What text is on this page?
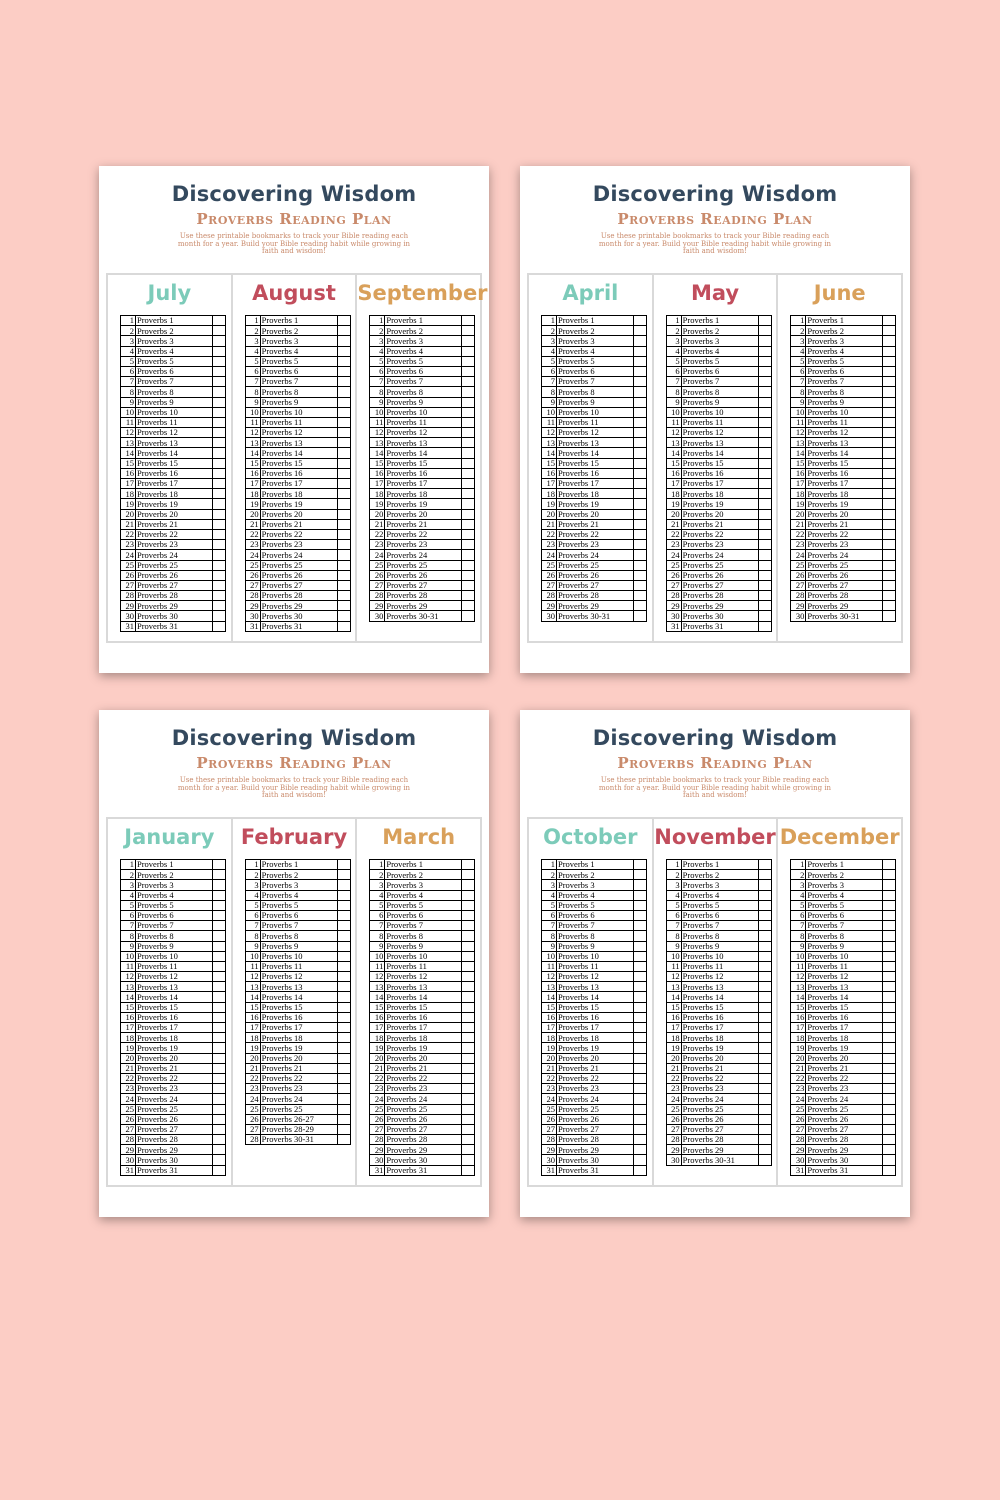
Discovering Wisdom
Proverbs Reading Plan
Use these printable bookmarks to track your Bible reading each month for a year. Build your Bible reading habit while growing in faith and wisdom!
July
1	Proverbs 1	
2	Proverbs 2	
3	Proverbs 3	
4	Proverbs 4	
5	Proverbs 5	
6	Proverbs 6	
7	Proverbs 7	
8	Proverbs 8	
9	Proverbs 9	
10	Proverbs 10	
11	Proverbs 11	
12	Proverbs 12	
13	Proverbs 13	
14	Proverbs 14	
15	Proverbs 15	
16	Proverbs 16	
17	Proverbs 17	
18	Proverbs 18	
19	Proverbs 19	
20	Proverbs 20	
21	Proverbs 21	
22	Proverbs 22	
23	Proverbs 23	
24	Proverbs 24	
25	Proverbs 25	
26	Proverbs 26	
27	Proverbs 27	
28	Proverbs 28	
29	Proverbs 29	
30	Proverbs 30	
31	Proverbs 31	
August
1	Proverbs 1	
2	Proverbs 2	
3	Proverbs 3	
4	Proverbs 4	
5	Proverbs 5	
6	Proverbs 6	
7	Proverbs 7	
8	Proverbs 8	
9	Proverbs 9	
10	Proverbs 10	
11	Proverbs 11	
12	Proverbs 12	
13	Proverbs 13	
14	Proverbs 14	
15	Proverbs 15	
16	Proverbs 16	
17	Proverbs 17	
18	Proverbs 18	
19	Proverbs 19	
20	Proverbs 20	
21	Proverbs 21	
22	Proverbs 22	
23	Proverbs 23	
24	Proverbs 24	
25	Proverbs 25	
26	Proverbs 26	
27	Proverbs 27	
28	Proverbs 28	
29	Proverbs 29	
30	Proverbs 30	
31	Proverbs 31	
September
1	Proverbs 1	
2	Proverbs 2	
3	Proverbs 3	
4	Proverbs 4	
5	Proverbs 5	
6	Proverbs 6	
7	Proverbs 7	
8	Proverbs 8	
9	Proverbs 9	
10	Proverbs 10	
11	Proverbs 11	
12	Proverbs 12	
13	Proverbs 13	
14	Proverbs 14	
15	Proverbs 15	
16	Proverbs 16	
17	Proverbs 17	
18	Proverbs 18	
19	Proverbs 19	
20	Proverbs 20	
21	Proverbs 21	
22	Proverbs 22	
23	Proverbs 23	
24	Proverbs 24	
25	Proverbs 25	
26	Proverbs 26	
27	Proverbs 27	
28	Proverbs 28	
29	Proverbs 29	
30	Proverbs 30-31	
Discovering Wisdom
Proverbs Reading Plan
Use these printable bookmarks to track your Bible reading each month for a year. Build your Bible reading habit while growing in faith and wisdom!
April
1	Proverbs 1	
2	Proverbs 2	
3	Proverbs 3	
4	Proverbs 4	
5	Proverbs 5	
6	Proverbs 6	
7	Proverbs 7	
8	Proverbs 8	
9	Proverbs 9	
10	Proverbs 10	
11	Proverbs 11	
12	Proverbs 12	
13	Proverbs 13	
14	Proverbs 14	
15	Proverbs 15	
16	Proverbs 16	
17	Proverbs 17	
18	Proverbs 18	
19	Proverbs 19	
20	Proverbs 20	
21	Proverbs 21	
22	Proverbs 22	
23	Proverbs 23	
24	Proverbs 24	
25	Proverbs 25	
26	Proverbs 26	
27	Proverbs 27	
28	Proverbs 28	
29	Proverbs 29	
30	Proverbs 30-31	
May
1	Proverbs 1	
2	Proverbs 2	
3	Proverbs 3	
4	Proverbs 4	
5	Proverbs 5	
6	Proverbs 6	
7	Proverbs 7	
8	Proverbs 8	
9	Proverbs 9	
10	Proverbs 10	
11	Proverbs 11	
12	Proverbs 12	
13	Proverbs 13	
14	Proverbs 14	
15	Proverbs 15	
16	Proverbs 16	
17	Proverbs 17	
18	Proverbs 18	
19	Proverbs 19	
20	Proverbs 20	
21	Proverbs 21	
22	Proverbs 22	
23	Proverbs 23	
24	Proverbs 24	
25	Proverbs 25	
26	Proverbs 26	
27	Proverbs 27	
28	Proverbs 28	
29	Proverbs 29	
30	Proverbs 30	
31	Proverbs 31	
June
1	Proverbs 1	
2	Proverbs 2	
3	Proverbs 3	
4	Proverbs 4	
5	Proverbs 5	
6	Proverbs 6	
7	Proverbs 7	
8	Proverbs 8	
9	Proverbs 9	
10	Proverbs 10	
11	Proverbs 11	
12	Proverbs 12	
13	Proverbs 13	
14	Proverbs 14	
15	Proverbs 15	
16	Proverbs 16	
17	Proverbs 17	
18	Proverbs 18	
19	Proverbs 19	
20	Proverbs 20	
21	Proverbs 21	
22	Proverbs 22	
23	Proverbs 23	
24	Proverbs 24	
25	Proverbs 25	
26	Proverbs 26	
27	Proverbs 27	
28	Proverbs 28	
29	Proverbs 29	
30	Proverbs 30-31	
Discovering Wisdom
Proverbs Reading Plan
Use these printable bookmarks to track your Bible reading each month for a year. Build your Bible reading habit while growing in faith and wisdom!
January
1	Proverbs 1	
2	Proverbs 2	
3	Proverbs 3	
4	Proverbs 4	
5	Proverbs 5	
6	Proverbs 6	
7	Proverbs 7	
8	Proverbs 8	
9	Proverbs 9	
10	Proverbs 10	
11	Proverbs 11	
12	Proverbs 12	
13	Proverbs 13	
14	Proverbs 14	
15	Proverbs 15	
16	Proverbs 16	
17	Proverbs 17	
18	Proverbs 18	
19	Proverbs 19	
20	Proverbs 20	
21	Proverbs 21	
22	Proverbs 22	
23	Proverbs 23	
24	Proverbs 24	
25	Proverbs 25	
26	Proverbs 26	
27	Proverbs 27	
28	Proverbs 28	
29	Proverbs 29	
30	Proverbs 30	
31	Proverbs 31	
February
1	Proverbs 1	
2	Proverbs 2	
3	Proverbs 3	
4	Proverbs 4	
5	Proverbs 5	
6	Proverbs 6	
7	Proverbs 7	
8	Proverbs 8	
9	Proverbs 9	
10	Proverbs 10	
11	Proverbs 11	
12	Proverbs 12	
13	Proverbs 13	
14	Proverbs 14	
15	Proverbs 15	
16	Proverbs 16	
17	Proverbs 17	
18	Proverbs 18	
19	Proverbs 19	
20	Proverbs 20	
21	Proverbs 21	
22	Proverbs 22	
23	Proverbs 23	
24	Proverbs 24	
25	Proverbs 25	
26	Proverbs 26-27	
27	Proverbs 28-29	
28	Proverbs 30-31	
March
1	Proverbs 1	
2	Proverbs 2	
3	Proverbs 3	
4	Proverbs 4	
5	Proverbs 5	
6	Proverbs 6	
7	Proverbs 7	
8	Proverbs 8	
9	Proverbs 9	
10	Proverbs 10	
11	Proverbs 11	
12	Proverbs 12	
13	Proverbs 13	
14	Proverbs 14	
15	Proverbs 15	
16	Proverbs 16	
17	Proverbs 17	
18	Proverbs 18	
19	Proverbs 19	
20	Proverbs 20	
21	Proverbs 21	
22	Proverbs 22	
23	Proverbs 23	
24	Proverbs 24	
25	Proverbs 25	
26	Proverbs 26	
27	Proverbs 27	
28	Proverbs 28	
29	Proverbs 29	
30	Proverbs 30	
31	Proverbs 31	
Discovering Wisdom
Proverbs Reading Plan
Use these printable bookmarks to track your Bible reading each month for a year. Build your Bible reading habit while growing in faith and wisdom!
October
1	Proverbs 1	
2	Proverbs 2	
3	Proverbs 3	
4	Proverbs 4	
5	Proverbs 5	
6	Proverbs 6	
7	Proverbs 7	
8	Proverbs 8	
9	Proverbs 9	
10	Proverbs 10	
11	Proverbs 11	
12	Proverbs 12	
13	Proverbs 13	
14	Proverbs 14	
15	Proverbs 15	
16	Proverbs 16	
17	Proverbs 17	
18	Proverbs 18	
19	Proverbs 19	
20	Proverbs 20	
21	Proverbs 21	
22	Proverbs 22	
23	Proverbs 23	
24	Proverbs 24	
25	Proverbs 25	
26	Proverbs 26	
27	Proverbs 27	
28	Proverbs 28	
29	Proverbs 29	
30	Proverbs 30	
31	Proverbs 31	
November
1	Proverbs 1	
2	Proverbs 2	
3	Proverbs 3	
4	Proverbs 4	
5	Proverbs 5	
6	Proverbs 6	
7	Proverbs 7	
8	Proverbs 8	
9	Proverbs 9	
10	Proverbs 10	
11	Proverbs 11	
12	Proverbs 12	
13	Proverbs 13	
14	Proverbs 14	
15	Proverbs 15	
16	Proverbs 16	
17	Proverbs 17	
18	Proverbs 18	
19	Proverbs 19	
20	Proverbs 20	
21	Proverbs 21	
22	Proverbs 22	
23	Proverbs 23	
24	Proverbs 24	
25	Proverbs 25	
26	Proverbs 26	
27	Proverbs 27	
28	Proverbs 28	
29	Proverbs 29	
30	Proverbs 30-31	
December
1	Proverbs 1	
2	Proverbs 2	
3	Proverbs 3	
4	Proverbs 4	
5	Proverbs 5	
6	Proverbs 6	
7	Proverbs 7	
8	Proverbs 8	
9	Proverbs 9	
10	Proverbs 10	
11	Proverbs 11	
12	Proverbs 12	
13	Proverbs 13	
14	Proverbs 14	
15	Proverbs 15	
16	Proverbs 16	
17	Proverbs 17	
18	Proverbs 18	
19	Proverbs 19	
20	Proverbs 20	
21	Proverbs 21	
22	Proverbs 22	
23	Proverbs 23	
24	Proverbs 24	
25	Proverbs 25	
26	Proverbs 26	
27	Proverbs 27	
28	Proverbs 28	
29	Proverbs 29	
30	Proverbs 30	
31	Proverbs 31	
